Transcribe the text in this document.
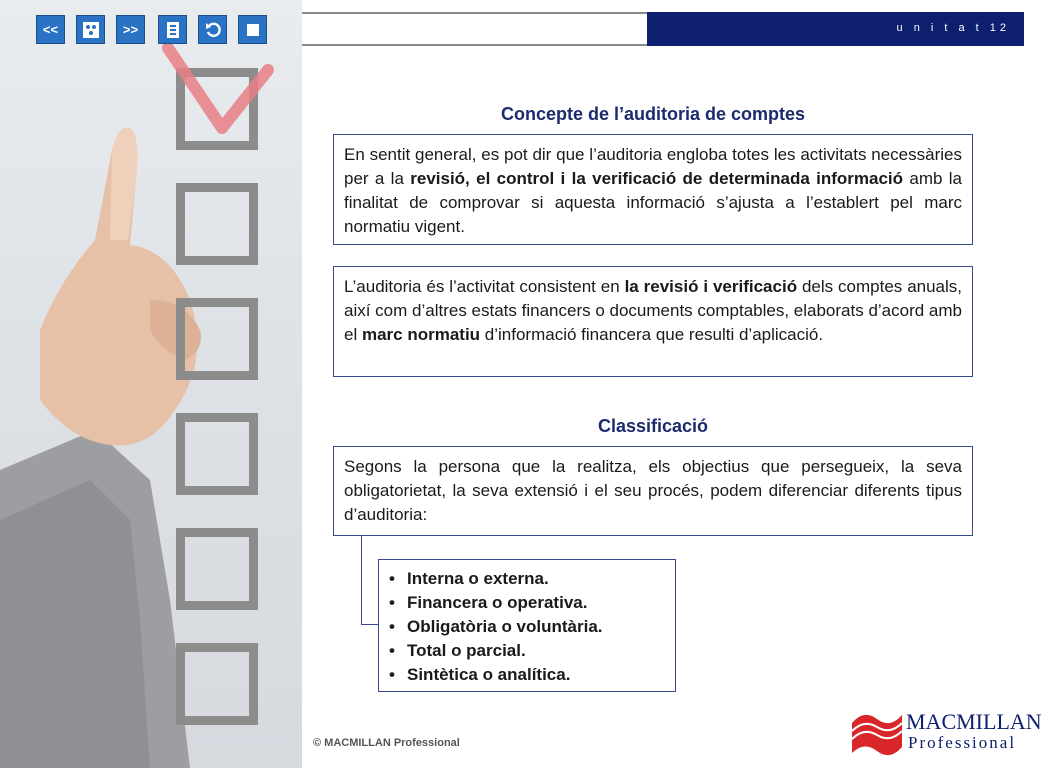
<<	>>	u n i t a t 12
Concepte de l’auditoria de comptes
En sentit general, es pot dir que l’auditoria engloba totes les activitats necessàries per a la revisió, el control i la verificació de determinada informació amb la finalitat de comprovar si aquesta informació s’ajusta a l’establert pel marc normatiu vigent.
L’auditoria és l’activitat consistent en la revisió i verificació dels comptes anuals, així com d’altres estats financers o documents comptables, elaborats d’acord amb el marc normatiu d’informació financera que resulti d’aplicació.
Classificació
Segons la persona que la realitza, els objectius que persegueix, la seva obligatorietat, la seva extensió i el seu procés, podem diferenciar diferents tipus d’auditoria:
• Interna o externa.
• Financera o operativa.
• Obligatòria o voluntària.
• Total o parcial.
• Sintètica o analítica.
© MACMILLAN Professional
MACMILLAN
Professional
